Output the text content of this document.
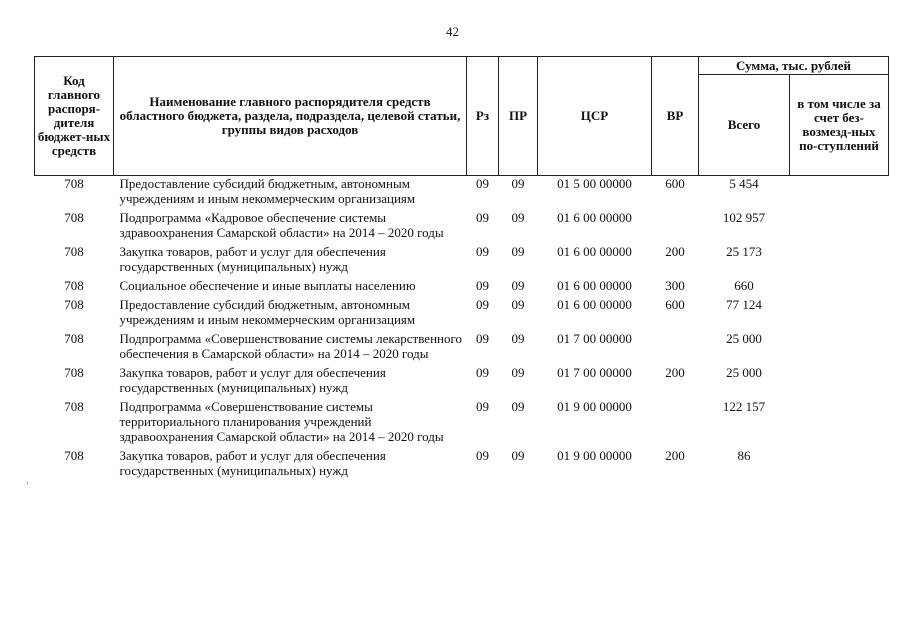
42
Код главного распоря-дителя бюджет-ных средств	Наименование главного распорядителя средств областного бюджета, раздела, подраздела, целевой статьи, группы видов расходов	Рз	ПР	ЦСР	ВР	Сумма, тыс. рублей	
						Всего	в том числе за счет без-возмезд-ных по-ступлений
708	Предоставление субсидий бюджетным, автономным учреждениям и иным некоммерческим организациям	09	09	01 5 00 00000	600	5 454	
708	Подпрограмма «Кадровое обеспечение системы здравоохранения Самарской области» на 2014 – 2020 годы	09	09	01 6 00 00000		102 957	
708	Закупка товаров, работ и услуг для обеспечения государственных (муниципальных) нужд	09	09	01 6 00 00000	200	25 173	
708	Социальное обеспечение и иные выплаты населению	09	09	01 6 00 00000	300	660	
708	Предоставление субсидий бюджетным, автономным учреждениям и иным некоммерческим организациям	09	09	01 6 00 00000	600	77 124	
708	Подпрограмма «Совершенствование системы лекарственного обеспечения в Самарской области» на 2014 – 2020 годы	09	09	01 7 00 00000		25 000	
708	Закупка товаров, работ и услуг для обеспечения государственных (муниципальных) нужд	09	09	01 7 00 00000	200	25 000	
708	Подпрограмма «Совершенствование системы территориального планирования учреждений здравоохранения Самарской области» на 2014 – 2020 годы	09	09	01 9 00 00000		122 157	
708	Закупка товаров, работ и услуг для обеспечения государственных (муниципальных) нужд	09	09	01 9 00 00000	200	86	
‘
